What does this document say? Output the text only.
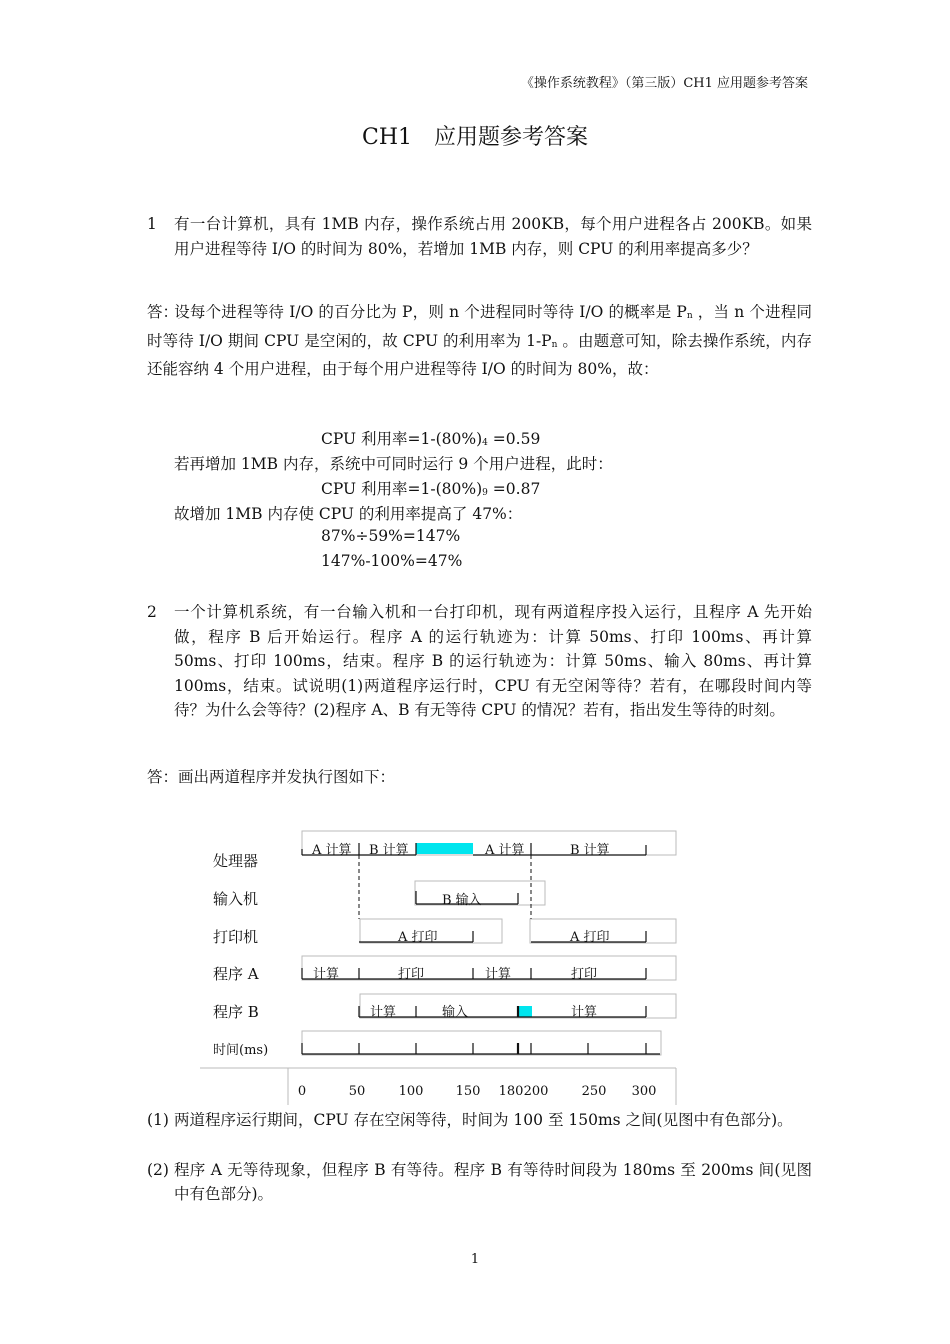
《操作系统教程》（第三版）CH1 应用题参考答案
CH1 应用题参考答案
1 有一台计算机，具有 1MB 内存，操作系统占用 200KB，每个用户进程各占 200KB。如果用户进程等待 I/O 的时间为 80%，若增加 1MB 内存，则 CPU 的利用率提高多少？
答：
设每个进程等待 I/O 的百分比为 P，则 n 个进程同时等待 I/O 的概率是 $P_n$ ，当 n 个进程同时等待 I/O 期间 CPU 是空闲的，故 CPU 的利用率为 $1-P_n$ 。由题意可知，除去操作系统，内存还能容纳 4 个用户进程，由于每个用户进程等待 I/O 的时间为 80%，故：
CPU 利用率$=1-(80\%)_4 =0.59$
若再增加 1MB 内存，系统中可同时运行 9 个用户进程，此时：
CPU 利用率$=1-(80\%)_9 =0.87$
故增加 1MB 内存使 CPU 的利用率提高了 47%：
87%÷59%=147%
147%-100%=47%
2 一个计算机系统，有一台输入机和一台打印机，现有两道程序投入运行，且程序 A 先开始做，程序 B 后开始运行。程序 A 的运行轨迹为：计算 50ms、打印 100ms、再计算 50ms、打印 100ms，结束。程序 B 的运行轨迹为：计算 50ms、输入 80ms、再计算 100ms，结束。试说明(1)两道程序运行时，CPU 有无空闲等待？若有，在哪段时间内等待？为什么会等待？(2)程序 A、B 有无等待 CPU 的情况？若有，指出发生等待的时刻。
答：画出两道程序并发执行图如下：
处理器
输入机
打印机
程序 A
程序 B
时间(ms)
A 计算 B 计算	A 计算	B 计算
B 输入
A 打印	A 打印
计算	打印	计算	打印
计算	输入	计算
0	50	100 150 180 200	250 300
(1) 两道程序运行期间，CPU 存在空闲等待，时间为 100 至 150ms 之间(见图中有色部分)。
(2) 程序 A 无等待现象，但程序 B 有等待。程序 B 有等待时间段为 180ms 至 200ms 间(见图中有色部分)。
1
